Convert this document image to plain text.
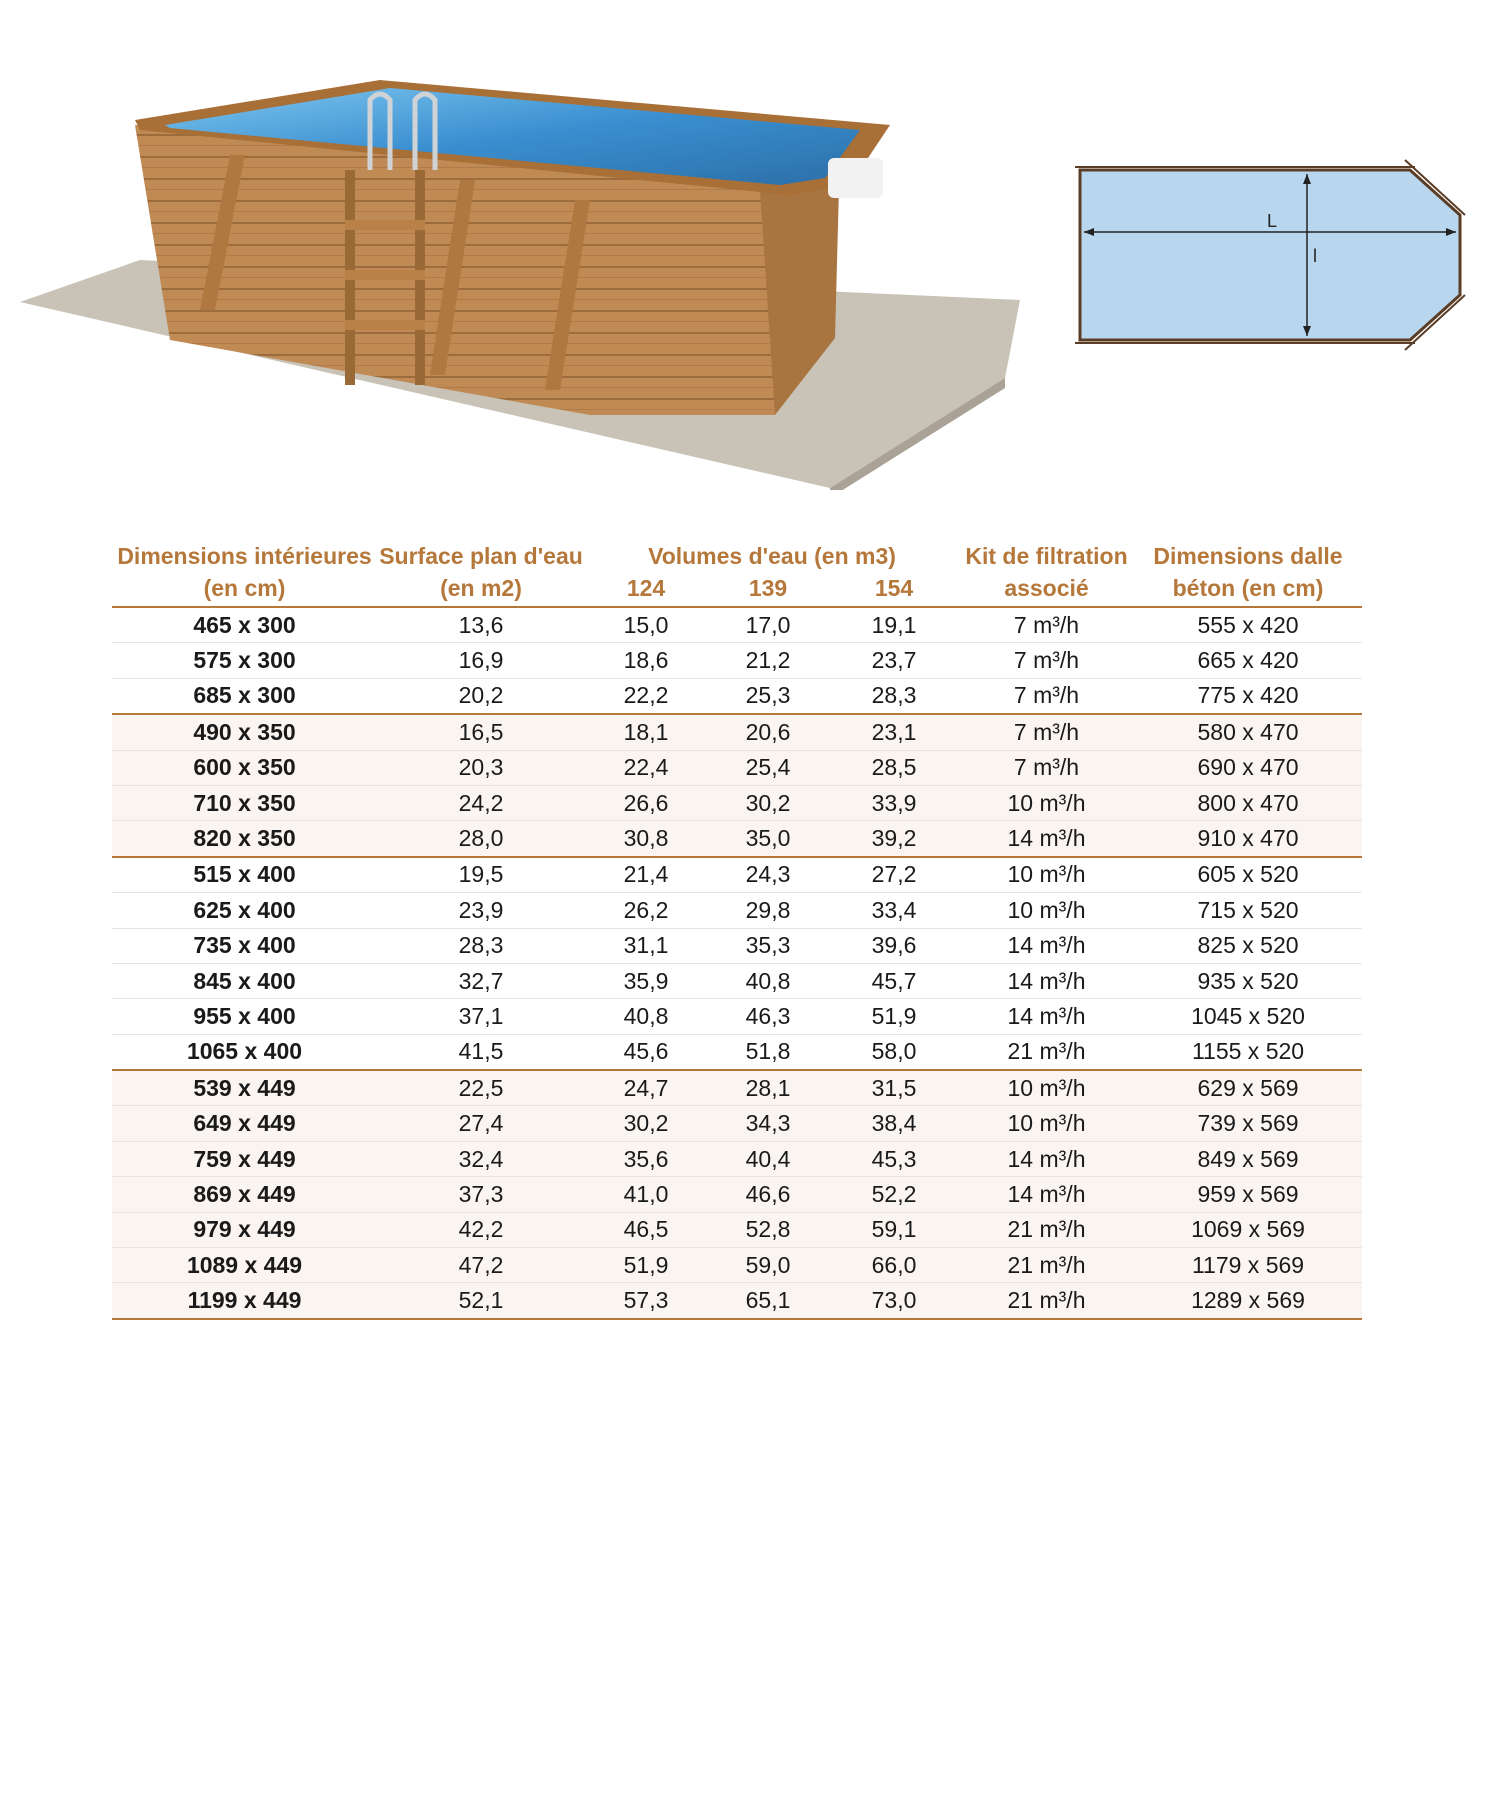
L
l
Dimensions intérieures	Surface plan d'eau	Volumes d'eau (en m3)			Kit de filtration	Dimensions dalle
(en cm)	(en m2)	124	139	154	associé	béton (en cm)
465 x 300	13,6	15,0	17,0	19,1	7 m³/h	555 x 420
575 x 300	16,9	18,6	21,2	23,7	7 m³/h	665 x 420
685 x 300	20,2	22,2	25,3	28,3	7 m³/h	775 x 420
490 x 350	16,5	18,1	20,6	23,1	7 m³/h	580 x 470
600 x 350	20,3	22,4	25,4	28,5	7 m³/h	690 x 470
710 x 350	24,2	26,6	30,2	33,9	10 m³/h	800 x 470
820 x 350	28,0	30,8	35,0	39,2	14 m³/h	910 x 470
515 x 400	19,5	21,4	24,3	27,2	10 m³/h	605 x 520
625 x 400	23,9	26,2	29,8	33,4	10 m³/h	715 x 520
735 x 400	28,3	31,1	35,3	39,6	14 m³/h	825 x 520
845 x 400	32,7	35,9	40,8	45,7	14 m³/h	935 x 520
955 x 400	37,1	40,8	46,3	51,9	14 m³/h	1045 x 520
1065 x 400	41,5	45,6	51,8	58,0	21 m³/h	1155 x 520
539 x 449	22,5	24,7	28,1	31,5	10 m³/h	629 x 569
649 x 449	27,4	30,2	34,3	38,4	10 m³/h	739 x 569
759 x 449	32,4	35,6	40,4	45,3	14 m³/h	849 x 569
869 x 449	37,3	41,0	46,6	52,2	14 m³/h	959 x 569
979 x 449	42,2	46,5	52,8	59,1	21 m³/h	1069 x 569
1089 x 449	47,2	51,9	59,0	66,0	21 m³/h	1179 x 569
1199 x 449	52,1	57,3	65,1	73,0	21 m³/h	1289 x 569
